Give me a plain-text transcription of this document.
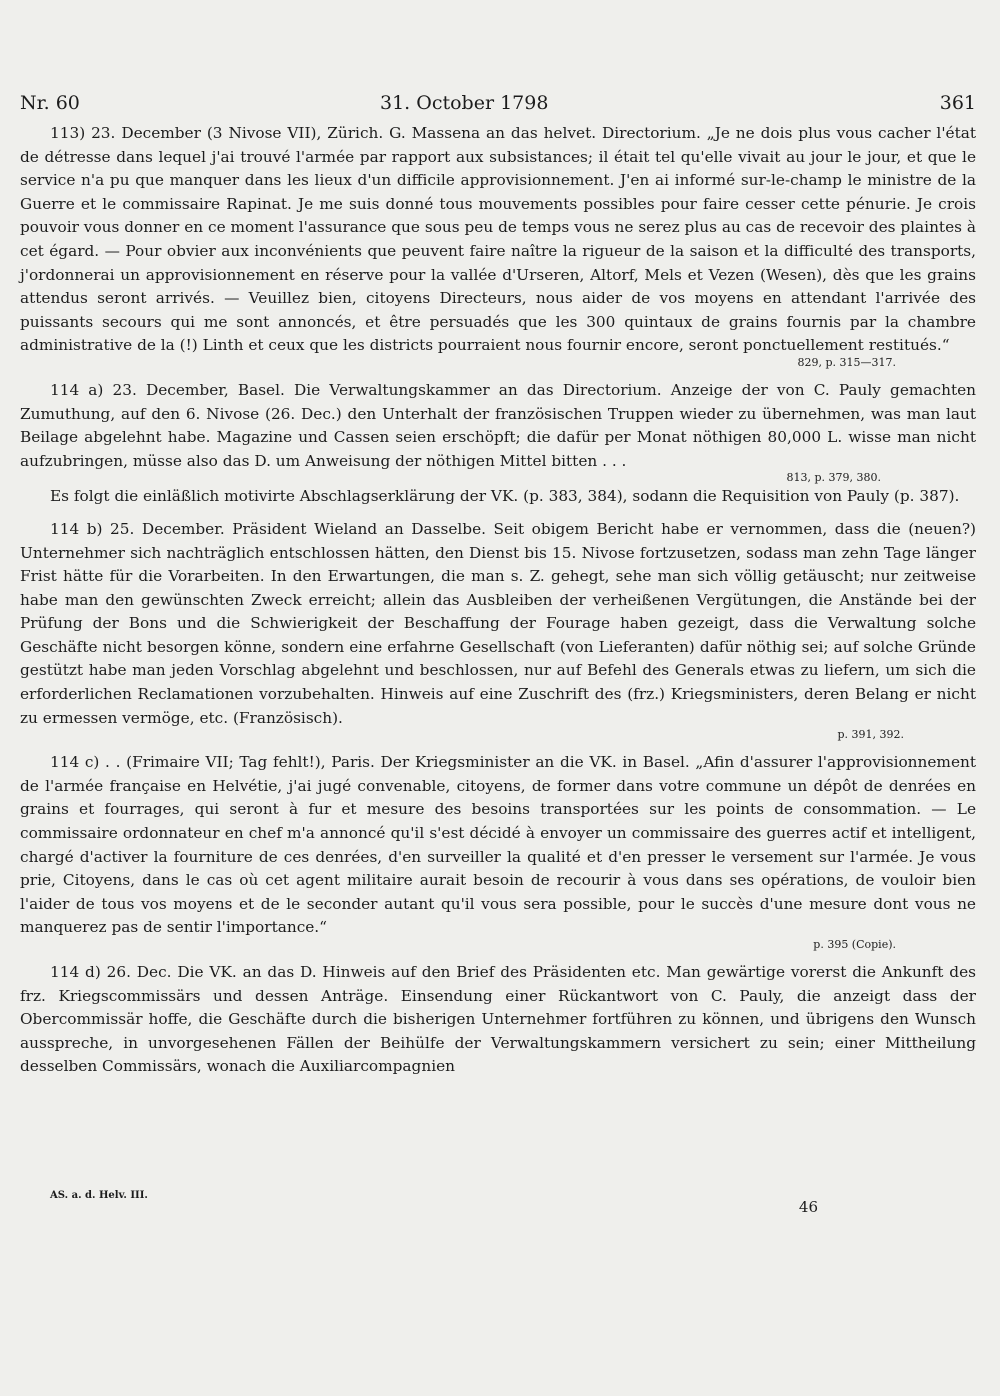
Nr. 60	31. October 1798	361

113) 23. December (3 Nivose VII), Zürich. G. Massena an das helvet. Directorium. „Je ne dois plus vous cacher l'état de détresse dans lequel j'ai trouvé l'armée par rapport aux subsistances; il était tel qu'elle vivait au jour le jour, et que le service n'a pu que manquer dans les lieux d'un difficile approvisionnement. J'en ai informé sur-le-champ le ministre de la Guerre et le commissaire Rapinat. Je me suis donné tous mouvements possibles pour faire cesser cette pénurie. Je crois pouvoir vous donner en ce moment l'assurance que sous peu de temps vous ne serez plus au cas de recevoir des plaintes à cet égard. — Pour obvier aux inconvénients que peuvent faire naître la rigueur de la saison et la difficulté des transports, j'ordonnerai un approvisionnement en réserve pour la vallée d'Urseren, Altorf, Mels et Vezen (Wesen), dès que les grains attendus seront arrivés. — Veuillez bien, citoyens Directeurs, nous aider de vos moyens en attendant l'arrivée des puissants secours qui me sont annoncés, et être persuadés que les 300 quintaux de grains fournis par la chambre administrative de la (!) Linth et ceux que les districts pourraient nous fournir encore, seront ponctuellement restitués.“

829, p. 315—317.

114 a) 23. December, Basel. Die Verwaltungskammer an das Directorium. Anzeige der von C. Pauly gemachten Zumuthung, auf den 6. Nivose (26. Dec.) den Unterhalt der französischen Truppen wieder zu übernehmen, was man laut Beilage abgelehnt habe. Magazine und Cassen seien erschöpft; die dafür per Monat nöthigen 80,000 L. wisse man nicht aufzubringen, müsse also das D. um Anweisung der nöthigen Mittel bitten . . .

813, p. 379, 380.

Es folgt die einläßlich motivirte Abschlagserklärung der VK. (p. 383, 384), sodann die Requisition von Pauly (p. 387).

114 b) 25. December. Präsident Wieland an Dasselbe. Seit obigem Bericht habe er vernommen, dass die (neuen?) Unternehmer sich nachträglich entschlossen hätten, den Dienst bis 15. Nivose fortzusetzen, sodass man zehn Tage länger Frist hätte für die Vorarbeiten. In den Erwartungen, die man s. Z. gehegt, sehe man sich völlig getäuscht; nur zeitweise habe man den gewünschten Zweck erreicht; allein das Ausbleiben der verheißenen Vergütungen, die Anstände bei der Prüfung der Bons und die Schwierigkeit der Beschaffung der Fourage haben gezeigt, dass die Verwaltung solche Geschäfte nicht besorgen könne, sondern eine erfahrne Gesellschaft (von Lieferanten) dafür nöthig sei; auf solche Gründe gestützt habe man jeden Vorschlag abgelehnt und beschlossen, nur auf Befehl des Generals etwas zu liefern, um sich die erforderlichen Reclamationen vorzubehalten. Hinweis auf eine Zuschrift des (frz.) Kriegsministers, deren Belang er nicht zu ermessen vermöge, etc. (Französisch).

p. 391, 392.

114 c) . . (Frimaire VII; Tag fehlt!), Paris. Der Kriegsminister an die VK. in Basel. „Afin d'assurer l'approvisionnement de l'armée française en Helvétie, j'ai jugé convenable, citoyens, de former dans votre commune un dépôt de denrées en grains et fourrages, qui seront à fur et mesure des besoins transportées sur les points de consommation. — Le commissaire ordonnateur en chef m'a annoncé qu'il s'est décidé à envoyer un commissaire des guerres actif et intelligent, chargé d'activer la fourniture de ces denrées, d'en surveiller la qualité et d'en presser le versement sur l'armée. Je vous prie, Citoyens, dans le cas où cet agent militaire aurait besoin de recourir à vous dans ses opérations, de vouloir bien l'aider de tous vos moyens et de le seconder autant qu'il vous sera possible, pour le succès d'une mesure dont vous ne manquerez pas de sentir l'importance.“

p. 395 (Copie).

114 d) 26. Dec. Die VK. an das D. Hinweis auf den Brief des Präsidenten etc. Man gewärtige vorerst die Ankunft des frz. Kriegscommissärs und dessen Anträge. Einsendung einer Rückantwort von C. Pauly, die anzeigt dass der Obercommissär hoffe, die Geschäfte durch die bisherigen Unternehmer fortführen zu können, und übrigens den Wunsch ausspreche, in unvorgesehenen Fällen der Beihülfe der Verwaltungskammern versichert zu sein; einer Mittheilung desselben Commissärs, wonach die Auxiliarcompagnien

AS. a. d. Helv. III.
46
